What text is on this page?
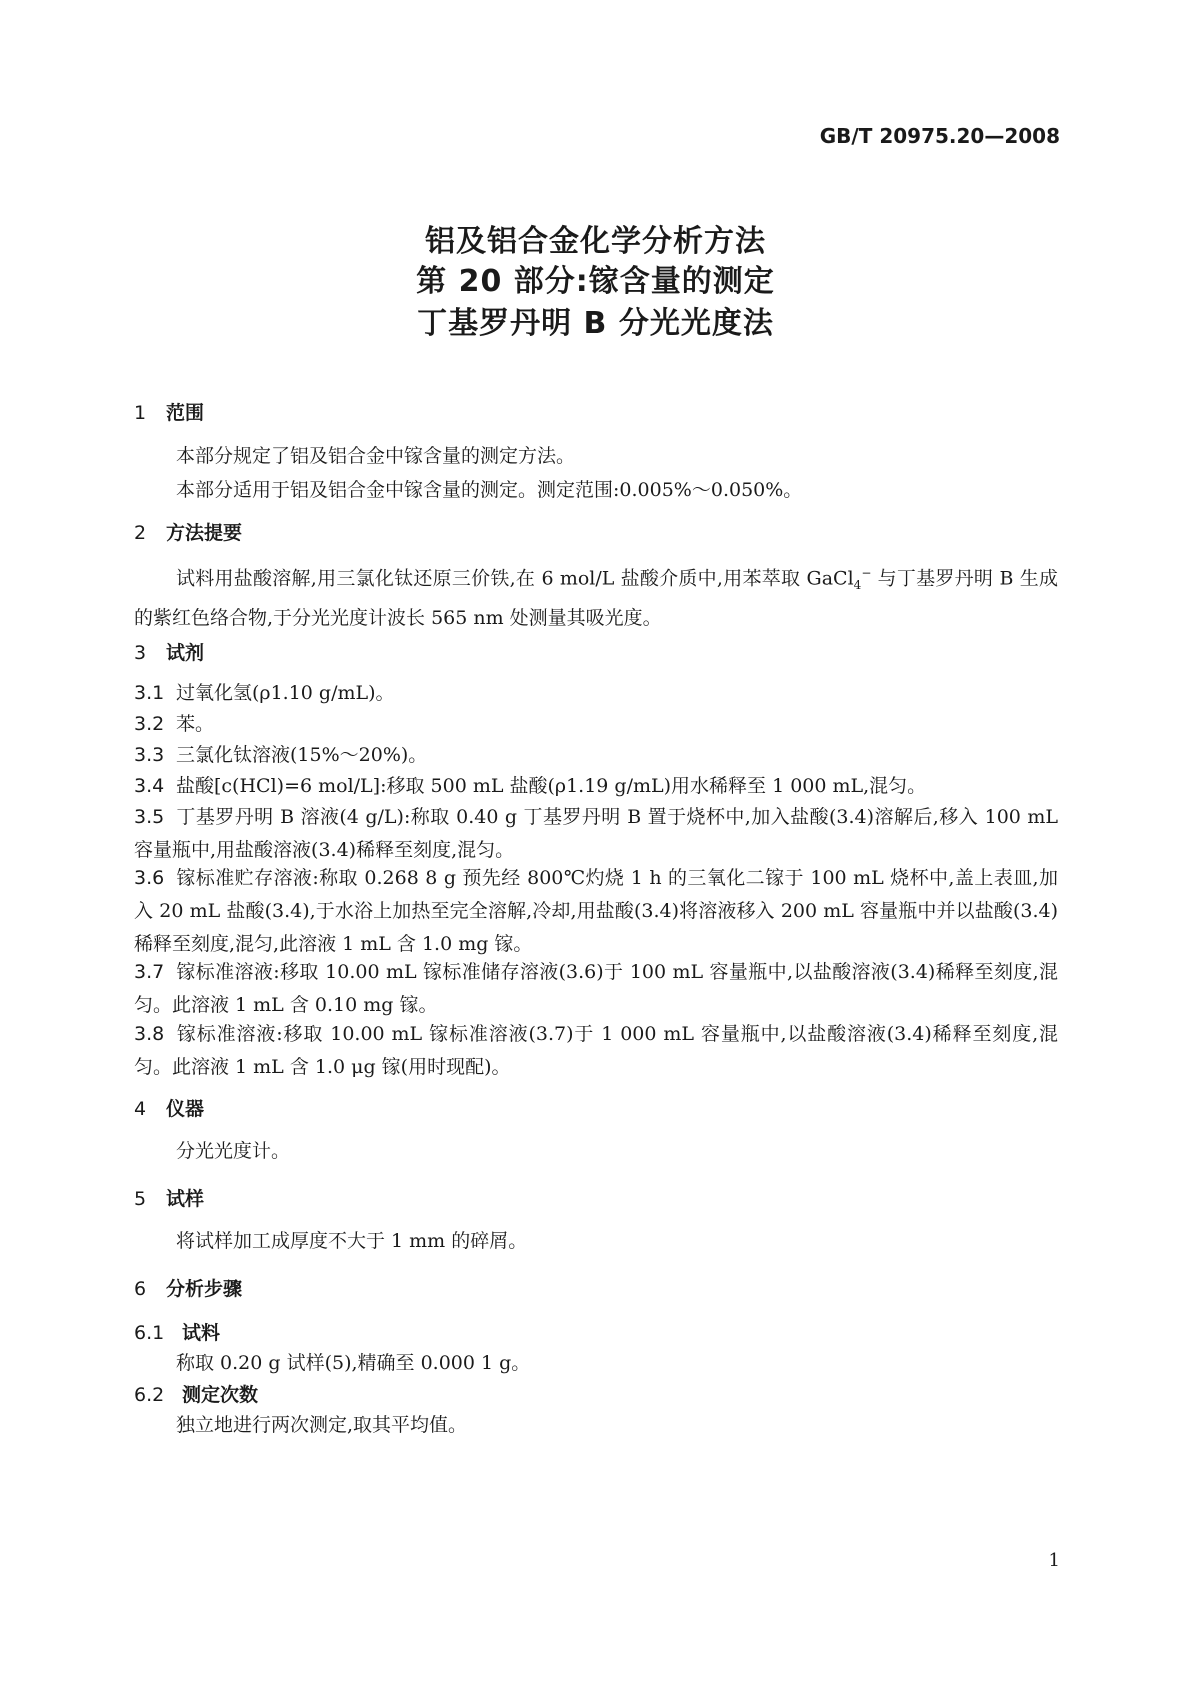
GB/T 20975.20—2008
铝及铝合金化学分析方法
第 20 部分:镓含量的测定
丁基罗丹明 B 分光光度法
1 范围
本部分规定了铝及铝合金中镓含量的测定方法。
本部分适用于铝及铝合金中镓含量的测定。测定范围:0.005%～0.050%。
2 方法提要
试料用盐酸溶解,用三氯化钛还原三价铁,在 6 mol/L 盐酸介质中,用苯萃取 GaCl$_4$− 与丁基罗丹明 B 生成的紫红色络合物,于分光光度计波长 565 nm 处测量其吸光度。
3 试剂
3.1 过氧化氢(ρ1.10 g/mL)。
3.2 苯。
3.3 三氯化钛溶液(15%～20%)。
3.4 盐酸[c(HCl)=6 mol/L]:移取 500 mL 盐酸(ρ1.19 g/mL)用水稀释至 1 000 mL,混匀。
3.5 丁基罗丹明 B 溶液(4 g/L):称取 0.40 g 丁基罗丹明 B 置于烧杯中,加入盐酸(3.4)溶解后,移入 100 mL 容量瓶中,用盐酸溶液(3.4)稀释至刻度,混匀。
3.6 镓标准贮存溶液:称取 0.268 8 g 预先经 800℃灼烧 1 h 的三氧化二镓于 100 mL 烧杯中,盖上表皿,加入 20 mL 盐酸(3.4),于水浴上加热至完全溶解,冷却,用盐酸(3.4)将溶液移入 200 mL 容量瓶中并以盐酸(3.4)稀释至刻度,混匀,此溶液 1 mL 含 1.0 mg 镓。
3.7 镓标准溶液:移取 10.00 mL 镓标准储存溶液(3.6)于 100 mL 容量瓶中,以盐酸溶液(3.4)稀释至刻度,混匀。此溶液 1 mL 含 0.10 mg 镓。
3.8 镓标准溶液:移取 10.00 mL 镓标准溶液(3.7)于 1 000 mL 容量瓶中,以盐酸溶液(3.4)稀释至刻度,混匀。此溶液 1 mL 含 1.0 μg 镓(用时现配)。
4 仪器
分光光度计。
5 试样
将试样加工成厚度不大于 1 mm 的碎屑。
6 分析步骤
6.1 试料
称取 0.20 g 试样(5),精确至 0.000 1 g。
6.2 测定次数
独立地进行两次测定,取其平均值。
1
